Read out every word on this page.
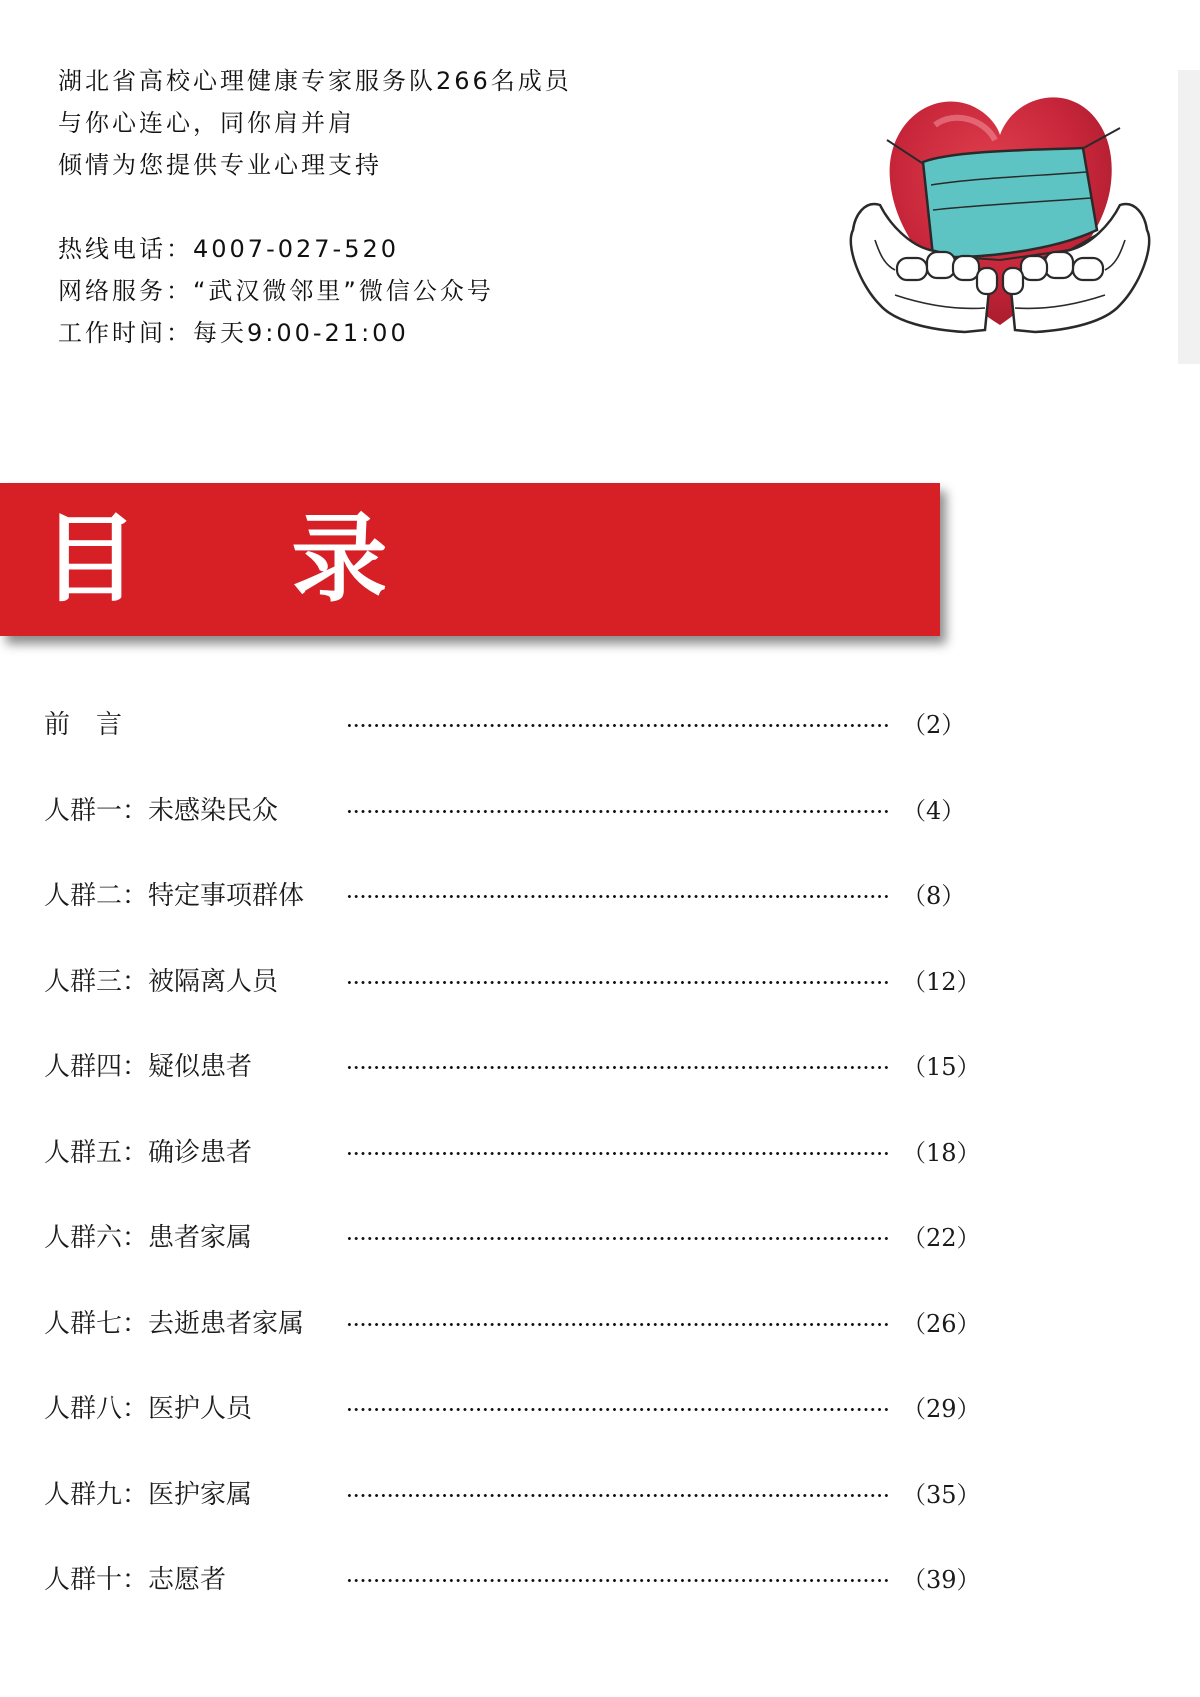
湖北省高校心理健康专家服务队266名成员
与你心连心，同你肩并肩
倾情为您提供专业心理支持
热线电话：4007-027-520
网络服务：“武汉微邻里”微信公众号
工作时间：每天9:00-21:00
目 录
前　言	（2）
人群一：未感染民众	（4）
人群二：特定事项群体	（8）
人群三：被隔离人员	（12）
人群四：疑似患者	（15）
人群五：确诊患者	（18）
人群六：患者家属	（22）
人群七：去逝患者家属	（26）
人群八：医护人员	（29）
人群九：医护家属	（35）
人群十：志愿者	（39）
